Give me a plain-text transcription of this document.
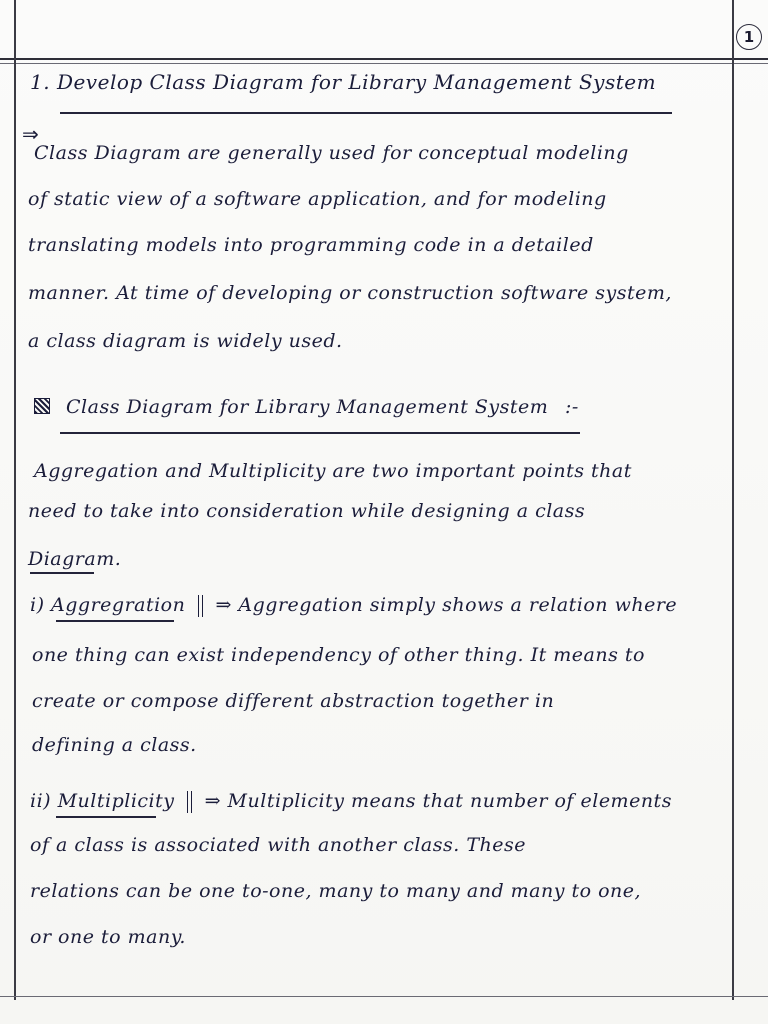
1
1. Develop Class Diagram for Library Management System
⇒
Class Diagram are generally used for conceptual modeling
of static view of a software application, and for modeling
translating models into programming code in a detailed
manner. At time of developing or construction software system,
a class diagram is widely used.
Class Diagram for Library Management System :-
Aggregation and Multiplicity are two important points that
need to take into consideration while designing a class
Diagram.
i) Aggregration ⇒ Aggregation simply shows a relation where
one thing can exist independency of other thing. It means to
create or compose different abstraction together in
defining a class.
ii) Multiplicity ⇒ Multiplicity means that number of elements
of a class is associated with another class. These
relations can be one to-one, many to many and many to one,
or one to many.
